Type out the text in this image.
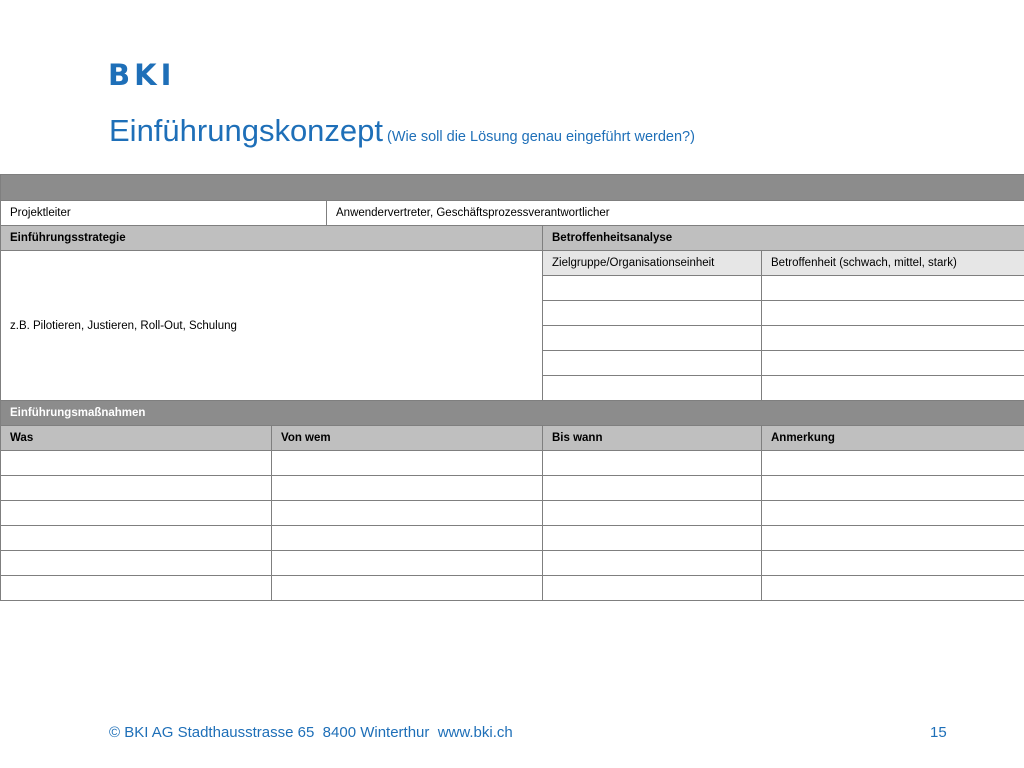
BKI
Einführungskonzept (Wie soll die Lösung genau eingeführt werden?)

Projektleiter		Anwendervertreter, Geschäftsprozessverantwortlicher		
Einführungsstrategie			Betroffenheitsanalyse	
z.B. Pilotieren, Justieren, Roll-Out, Schulung			Zielgruppe/Organisationseinheit	Betroffenheit (schwach, mittel, stark)

Einführungsmaßnahmen				
Was	Von wem		Bis wann	Anmerkung

© BKI AG Stadthausstrasse 65  8400 Winterthur  www.bki.ch	15
